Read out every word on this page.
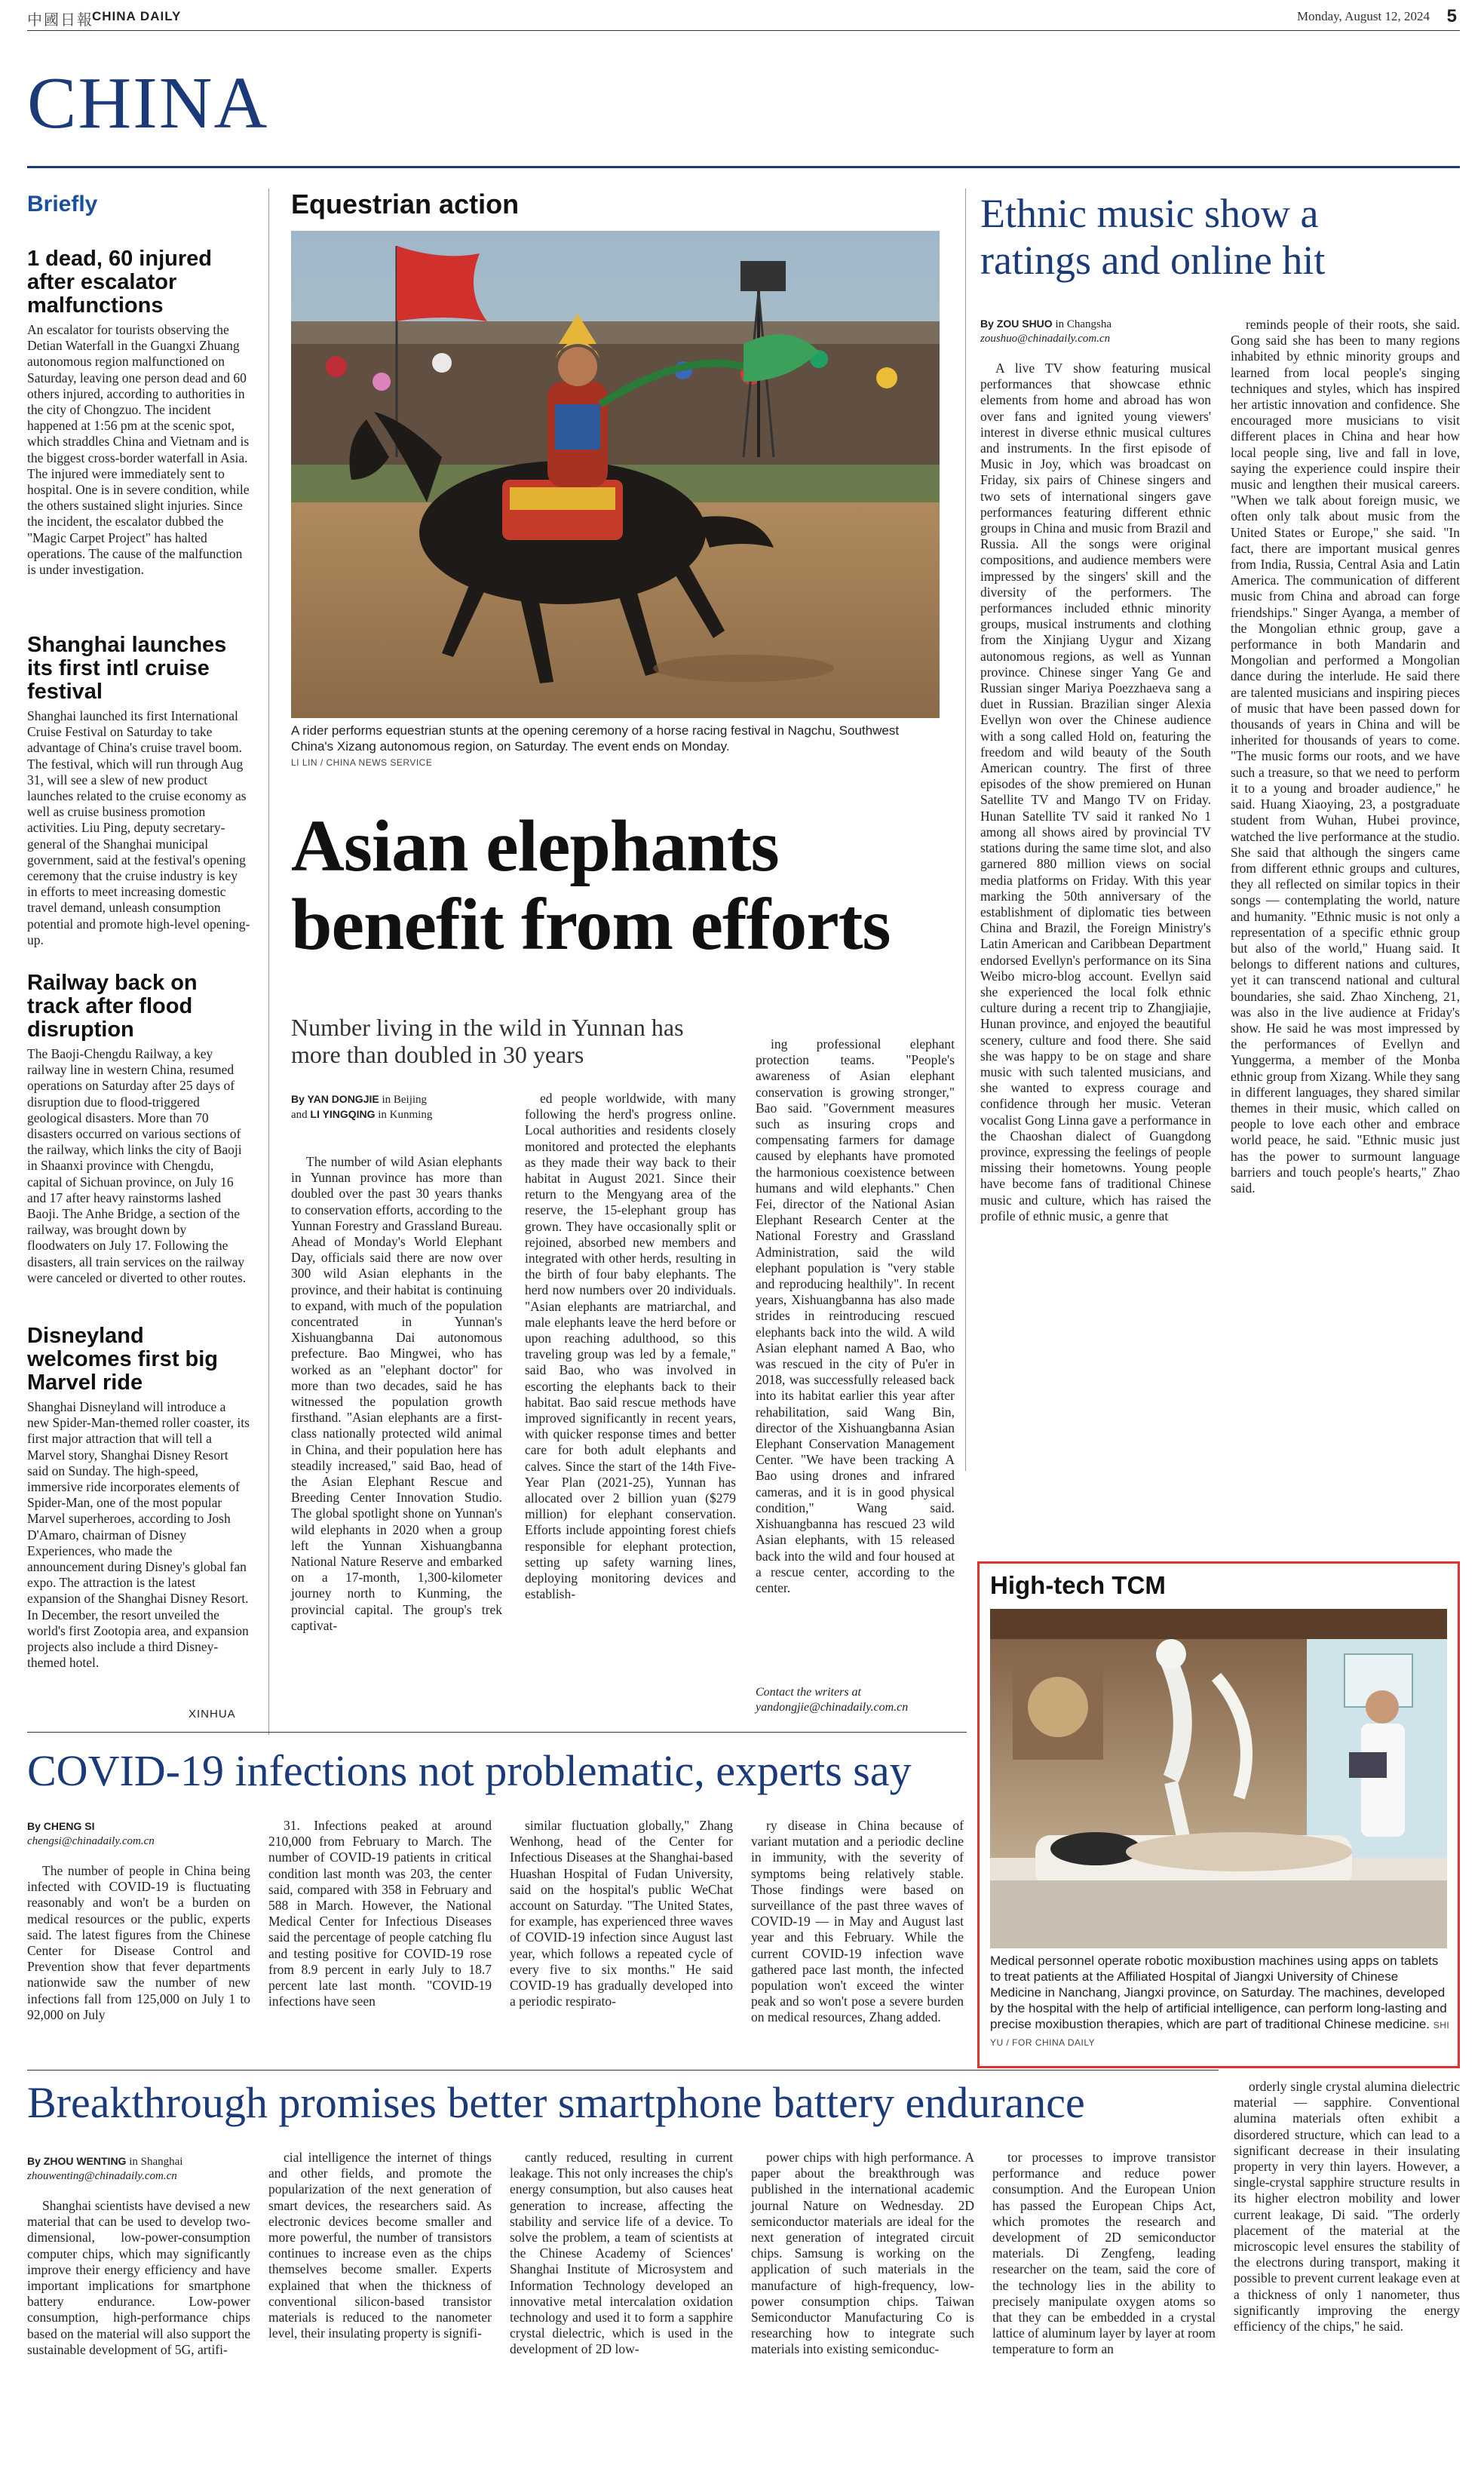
中國日報
CHINA DAILY	Monday, August 12, 2024 5
CHINA
Briefly
1 dead, 60 injured after escalator malfunctions
An escalator for tourists observing the Detian Waterfall in the Guangxi Zhuang autonomous region malfunctioned on Saturday, leaving one person dead and 60 others injured, according to authorities in the city of Chongzuo. The incident happened at 1:56 pm at the scenic spot, which straddles China and Vietnam and is the biggest cross-border waterfall in Asia. The injured were immediately sent to hospital. One is in severe condition, while the others sustained slight injuries. Since the incident, the escalator dubbed the "Magic Carpet Project" has halted operations. The cause of the malfunction is under investigation.
Shanghai launches its first intl cruise festival
Shanghai launched its first International Cruise Festival on Saturday to take advantage of China's cruise travel boom. The festival, which will run through Aug 31, will see a slew of new product launches related to the cruise economy as well as cruise business promotion activities. Liu Ping, deputy secretary-general of the Shanghai municipal government, said at the festival's opening ceremony that the cruise industry is key in efforts to meet increasing domestic travel demand, unleash consumption potential and promote high-level opening-up.
Railway back on track after flood disruption
The Baoji-Chengdu Railway, a key railway line in western China, resumed operations on Saturday after 25 days of disruption due to flood-triggered geological disasters. More than 70 disasters occurred on various sections of the railway, which links the city of Baoji in Shaanxi province with Chengdu, capital of Sichuan province, on July 16 and 17 after heavy rainstorms lashed Baoji. The Anhe Bridge, a section of the railway, was brought down by floodwaters on July 17. Following the disasters, all train services on the railway were canceled or diverted to other routes.
Disneyland welcomes first big Marvel ride
Shanghai Disneyland will introduce a new Spider-Man-themed roller coaster, its first major attraction that will tell a Marvel story, Shanghai Disney Resort said on Sunday. The high-speed, immersive ride incorporates elements of Spider-Man, one of the most popular Marvel superheroes, according to Josh D'Amaro, chairman of Disney Experiences, who made the announcement during Disney's global fan expo. The attraction is the latest expansion of the Shanghai Disney Resort. In December, the resort unveiled the world's first Zootopia area, and expansion projects also include a third Disney-themed hotel.
XINHUA
Equestrian action
A rider performs equestrian stunts at the opening ceremony of a horse racing festival in Nagchu, Southwest China's Xizang autonomous region, on Saturday. The event ends on Monday.
LI LIN / CHINA NEWS SERVICE
Asian elephants
benefit from efforts
Number living in the wild in Yunnan has more than doubled in 30 years
By YAN DONGJIE in Beijing
and LI YINGQING in Kunming
The number of wild Asian elephants in Yunnan province has more than doubled over the past 30 years thanks to conservation efforts, according to the Yunnan Forestry and Grassland Bureau. Ahead of Monday's World Elephant Day, officials said there are now over 300 wild Asian elephants in the province, and their habitat is continuing to expand, with much of the population concentrated in Yunnan's Xishuangbanna Dai autonomous prefecture. Bao Mingwei, who has worked as an "elephant doctor" for more than two decades, said he has witnessed the population growth firsthand. "Asian elephants are a first-class nationally protected wild animal in China, and their population here has steadily increased," said Bao, head of the Asian Elephant Rescue and Breeding Center Innovation Studio. The global spotlight shone on Yunnan's wild elephants in 2020 when a group left the Yunnan Xishuangbanna National Nature Reserve and embarked on a 17-month, 1,300-kilometer journey north to Kunming, the provincial capital. The group's trek captivat-
ed people worldwide, with many following the herd's progress online. Local authorities and residents closely monitored and protected the elephants as they made their way back to their habitat in August 2021. Since their return to the Mengyang area of the reserve, the 15-elephant group has grown. They have occasionally split or rejoined, absorbed new members and integrated with other herds, resulting in the birth of four baby elephants. The herd now numbers over 20 individuals. "Asian elephants are matriarchal, and male elephants leave the herd before or upon reaching adulthood, so this traveling group was led by a female," said Bao, who was involved in escorting the elephants back to their habitat. Bao said rescue methods have improved significantly in recent years, with quicker response times and better care for both adult elephants and calves. Since the start of the 14th Five-Year Plan (2021-25), Yunnan has allocated over 2 billion yuan ($279 million) for elephant conservation. Efforts include appointing forest chiefs responsible for elephant protection, setting up safety warning lines, deploying monitoring devices and establish-
ing professional elephant protection teams. "People's awareness of Asian elephant conservation is growing stronger," Bao said. "Government measures such as insuring crops and compensating farmers for damage caused by elephants have promoted the harmonious coexistence between humans and wild elephants." Chen Fei, director of the National Asian Elephant Research Center at the National Forestry and Grassland Administration, said the wild elephant population is "very stable and reproducing healthily". In recent years, Xishuangbanna has also made strides in reintroducing rescued elephants back into the wild. A wild Asian elephant named A Bao, who was rescued in the city of Pu'er in 2018, was successfully released back into its habitat earlier this year after rehabilitation, said Wang Bin, director of the Xishuangbanna Asian Elephant Conservation Management Center. "We have been tracking A Bao using drones and infrared cameras, and it is in good physical condition," Wang said. Xishuangbanna has rescued 23 wild Asian elephants, with 15 released back into the wild and four housed at a rescue center, according to the center.
Contact the writers at yandongjie@chinadaily.com.cn
Ethnic music show a
ratings and online hit
By ZOU SHUO in Changsha
zoushuo@chinadaily.com.cn
A live TV show featuring musical performances that showcase ethnic elements from home and abroad has won over fans and ignited young viewers' interest in diverse ethnic musical cultures and instruments. In the first episode of Music in Joy, which was broadcast on Friday, six pairs of Chinese singers and two sets of international singers gave performances featuring different ethnic groups in China and music from Brazil and Russia. All the songs were original compositions, and audience members were impressed by the singers' skill and the diversity of the performers. The performances included ethnic minority groups, musical instruments and clothing from the Xinjiang Uygur and Xizang autonomous regions, as well as Yunnan province. Chinese singer Yang Ge and Russian singer Mariya Poezzhaeva sang a duet in Russian. Brazilian singer Alexia Evellyn won over the Chinese audience with a song called Hold on, featuring the freedom and wild beauty of the South American country. The first of three episodes of the show premiered on Hunan Satellite TV and Mango TV on Friday. Hunan Satellite TV said it ranked No 1 among all shows aired by provincial TV stations during the same time slot, and also garnered 880 million views on social media platforms on Friday. With this year marking the 50th anniversary of the establishment of diplomatic ties between China and Brazil, the Foreign Ministry's Latin American and Caribbean Department endorsed Evellyn's performance on its Sina Weibo micro-blog account. Evellyn said she experienced the local folk ethnic culture during a recent trip to Zhangjiajie, Hunan province, and enjoyed the beautiful scenery, culture and food there. She said she was happy to be on stage and share music with such talented musicians, and she wanted to express courage and confidence through her music. Veteran vocalist Gong Linna gave a performance in the Chaoshan dialect of Guangdong province, expressing the feelings of people missing their hometowns. Young people have become fans of traditional Chinese music and culture, which has raised the profile of ethnic music, a genre that
reminds people of their roots, she said. Gong said she has been to many regions inhabited by ethnic minority groups and learned from local people's singing techniques and styles, which has inspired her artistic innovation and confidence. She encouraged more musicians to visit different places in China and hear how local people sing, live and fall in love, saying the experience could inspire their music and lengthen their musical careers. "When we talk about foreign music, we often only talk about music from the United States or Europe," she said. "In fact, there are important musical genres from India, Russia, Central Asia and Latin America. The communication of different music from China and abroad can forge friendships." Singer Ayanga, a member of the Mongolian ethnic group, gave a performance in both Mandarin and Mongolian and performed a Mongolian dance during the interlude. He said there are talented musicians and inspiring pieces of music that have been passed down for thousands of years in China and will be inherited for thousands of years to come. "The music forms our roots, and we have such a treasure, so that we need to perform it to a young and broader audience," he said. Huang Xiaoying, 23, a postgraduate student from Wuhan, Hubei province, watched the live performance at the studio. She said that although the singers came from different ethnic groups and cultures, they all reflected on similar topics in their songs — contemplating the world, nature and humanity. "Ethnic music is not only a representation of a specific ethnic group but also of the world," Huang said. It belongs to different nations and cultures, yet it can transcend national and cultural boundaries, she said. Zhao Xincheng, 21, was also in the live audience at Friday's show. He said he was most impressed by the performances of Evellyn and Yunggerma, a member of the Monba ethnic group from Xizang. While they sang in different languages, they shared similar themes in their music, which called on people to love each other and embrace world peace, he said. "Ethnic music just has the power to surmount language barriers and touch people's hearts," Zhao said.
High-tech TCM
Medical personnel operate robotic moxibustion machines using apps on tablets to treat patients at the Affiliated Hospital of Jiangxi University of Chinese Medicine in Nanchang, Jiangxi province, on Saturday. The machines, developed by the hospital with the help of artificial intelligence, can perform long-lasting and precise moxibustion therapies, which are part of traditional Chinese medicine. SHI YU / FOR CHINA DAILY
COVID-19 infections not problematic, experts say
By CHENG SI
chengsi@chinadaily.com.cn
The number of people in China being infected with COVID-19 is fluctuating reasonably and won't be a burden on medical resources or the public, experts said. The latest figures from the Chinese Center for Disease Control and Prevention show that fever departments nationwide saw the number of new infections fall from 125,000 on July 1 to 92,000 on July
31. Infections peaked at around 210,000 from February to March. The number of COVID-19 patients in critical condition last month was 203, the center said, compared with 358 in February and 588 in March. However, the National Medical Center for Infectious Diseases said the percentage of people catching flu and testing positive for COVID-19 rose from 8.9 percent in early July to 18.7 percent late last month. "COVID-19 infections have seen
similar fluctuation globally," Zhang Wenhong, head of the Center for Infectious Diseases at the Shanghai-based Huashan Hospital of Fudan University, said on the hospital's public WeChat account on Saturday. "The United States, for example, has experienced three waves of COVID-19 infection since August last year, which follows a repeated cycle of every five to six months." He said COVID-19 has gradually developed into a periodic respirato-
ry disease in China because of variant mutation and a periodic decline in immunity, with the severity of symptoms being relatively stable. Those findings were based on surveillance of the past three waves of COVID-19 — in May and August last year and this February. While the current COVID-19 infection wave gathered pace last month, the infected population won't exceed the winter peak and so won't pose a severe burden on medical resources, Zhang added.
Breakthrough promises better smartphone battery endurance
By ZHOU WENTING in Shanghai
zhouwenting@chinadaily.com.cn
Shanghai scientists have devised a new material that can be used to develop two-dimensional, low-power-consumption computer chips, which may significantly improve their energy efficiency and have important implications for smartphone battery endurance. Low-power consumption, high-performance chips based on the material will also support the sustainable development of 5G, artifi-
cial intelligence the internet of things and other fields, and promote the popularization of the next generation of smart devices, the researchers said. As electronic devices become smaller and more powerful, the number of transistors continues to increase even as the chips themselves become smaller. Experts explained that when the thickness of conventional silicon-based transistor materials is reduced to the nanometer level, their insulating property is signifi-
cantly reduced, resulting in current leakage. This not only increases the chip's energy consumption, but also causes heat generation to increase, affecting the stability and service life of a device. To solve the problem, a team of scientists at the Chinese Academy of Sciences' Shanghai Institute of Microsystem and Information Technology developed an innovative metal intercalation oxidation technology and used it to form a sapphire crystal dielectric, which is used in the development of 2D low-
power chips with high performance. A paper about the breakthrough was published in the international academic journal Nature on Wednesday. 2D semiconductor materials are ideal for the next generation of integrated circuit chips. Samsung is working on the application of such materials in the manufacture of high-frequency, low-power consumption chips. Taiwan Semiconductor Manufacturing Co is researching how to integrate such materials into existing semiconduc-
tor processes to improve transistor performance and reduce power consumption. And the European Union has passed the European Chips Act, which promotes the research and development of 2D semiconductor materials. Di Zengfeng, leading researcher on the team, said the core of the technology lies in the ability to precisely manipulate oxygen atoms so that they can be embedded in a crystal lattice of aluminum layer by layer at room temperature to form an
orderly single crystal alumina dielectric material — sapphire. Conventional alumina materials often exhibit a disordered structure, which can lead to a significant decrease in their insulating property in very thin layers. However, a single-crystal sapphire structure results in its higher electron mobility and lower current leakage, Di said. "The orderly placement of the material at the microscopic level ensures the stability of the electrons during transport, making it possible to prevent current leakage even at a thickness of only 1 nanometer, thus significantly improving the energy efficiency of the chips," he said.
